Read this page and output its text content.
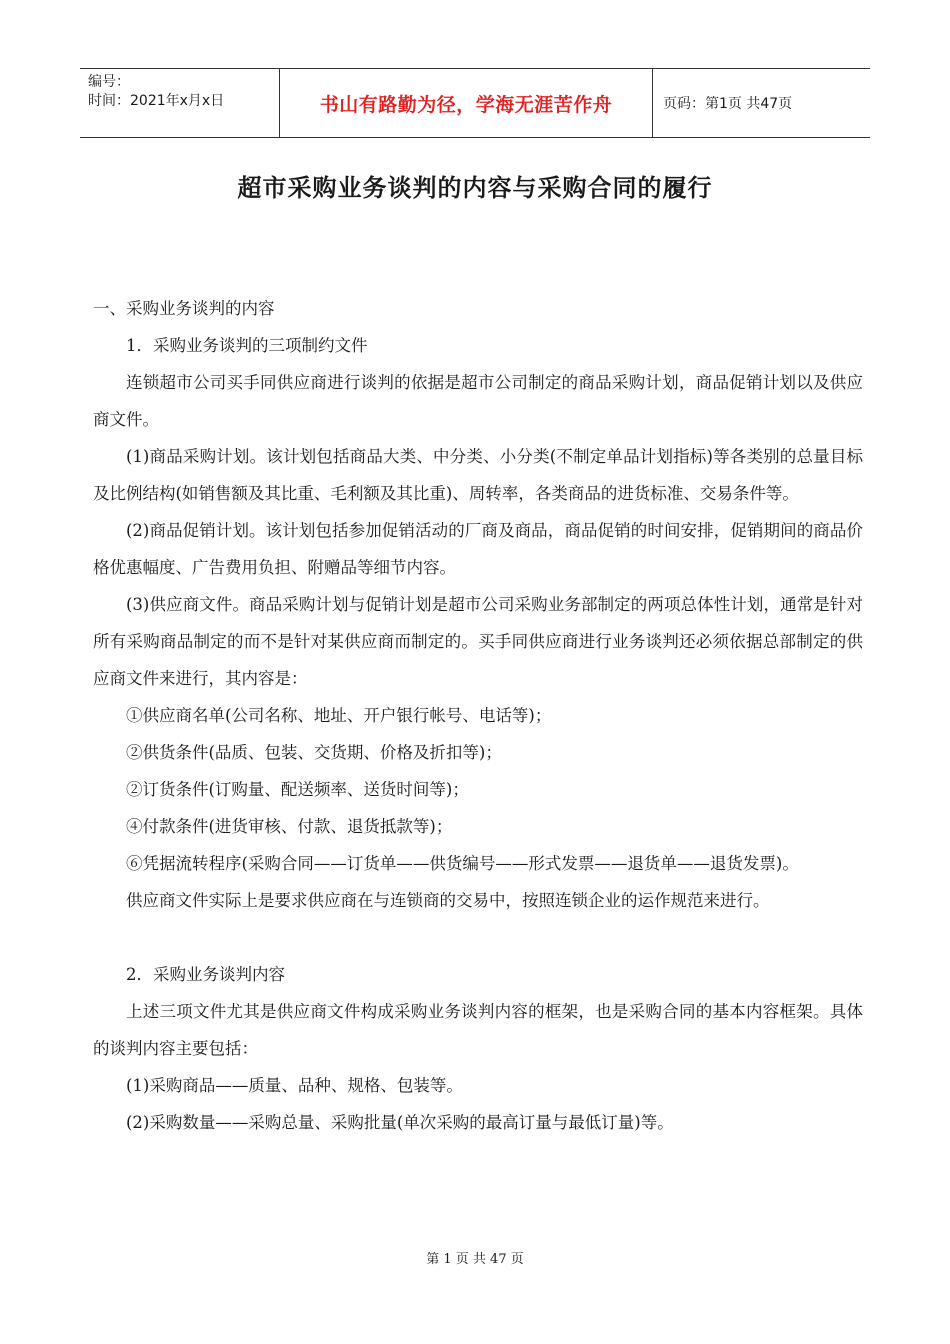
编号：
时间：2021年x月x日	书山有路勤为径，学海无涯苦作舟	页码：第1页 共47页
超市采购业务谈判的内容与采购合同的履行

一、采购业务谈判的内容

1．采购业务谈判的三项制约文件

连锁超市公司买手同供应商进行谈判的依据是超市公司制定的商品采购计划，商品促销计划以及供应商文件。

(1)商品采购计划。该计划包括商品大类、中分类、小分类(不制定单品计划指标)等各类别的总量目标及比例结构(如销售额及其比重、毛利额及其比重)、周转率，各类商品的进货标准、交易条件等。

(2)商品促销计划。该计划包括参加促销活动的厂商及商品，商品促销的时间安排，促销期间的商品价格优惠幅度、广告费用负担、附赠品等细节内容。

(3)供应商文件。商品采购计划与促销计划是超市公司采购业务部制定的两项总体性计划，通常是针对所有采购商品制定的而不是针对某供应商而制定的。买手同供应商进行业务谈判还必须依据总部制定的供应商文件来进行，其内容是：

①供应商名单(公司名称、地址、开户银行帐号、电话等)；

②供货条件(品质、包装、交货期、价格及折扣等)；

②订货条件(订购量、配送频率、送货时间等)；

④付款条件(进货审核、付款、退货抵款等)；

⑥凭据流转程序(采购合同——订货单——供货编号——形式发票——退货单——退货发票)。

供应商文件实际上是要求供应商在与连锁商的交易中，按照连锁企业的运作规范来进行。

2．采购业务谈判内容

上述三项文件尤其是供应商文件构成采购业务谈判内容的框架，也是采购合同的基本内容框架。具体的谈判内容主要包括：

(1)采购商品——质量、品种、规格、包装等。

(2)采购数量——采购总量、采购批量(单次采购的最高订量与最低订量)等。

第 1 页 共 47 页
